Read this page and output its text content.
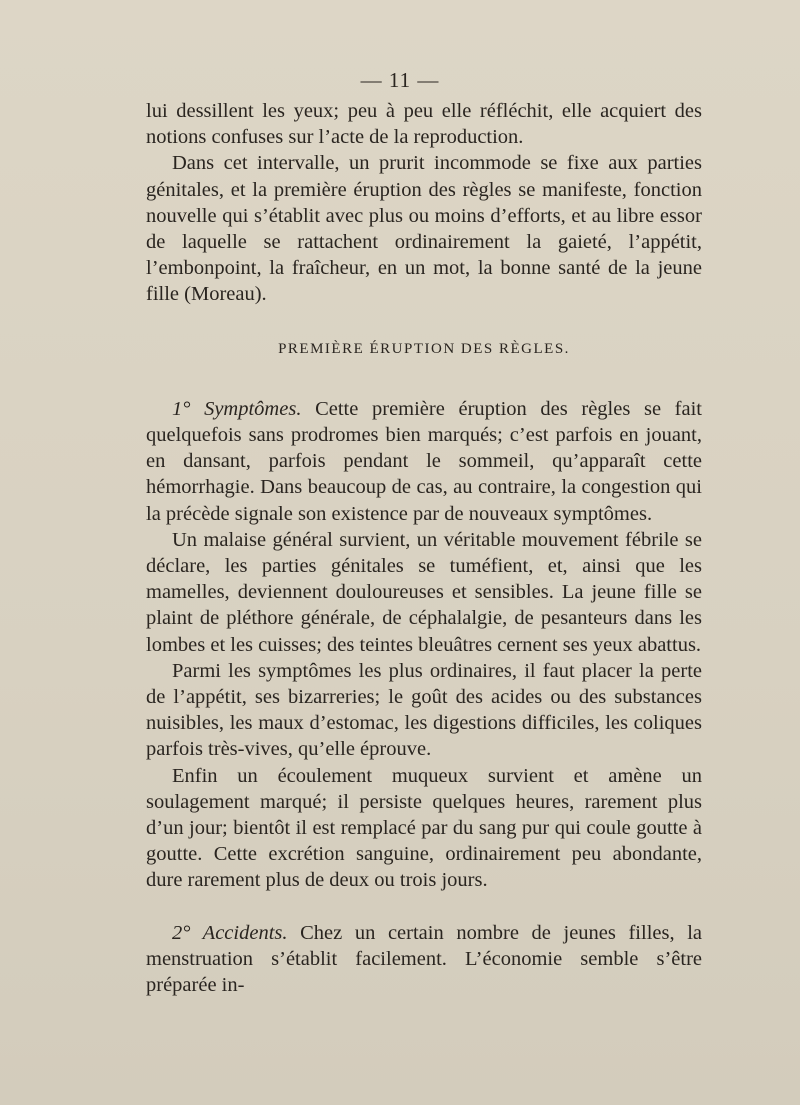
— 11 —

lui dessillent les yeux; peu à peu elle réfléchit, elle acquiert des notions confuses sur l’acte de la reproduction.

Dans cet intervalle, un prurit incommode se fixe aux parties génitales, et la première éruption des règles se manifeste, fonction nouvelle qui s’établit avec plus ou moins d’efforts, et au libre essor de laquelle se rattachent ordinairement la gaieté, l’appétit, l’embonpoint, la fraîcheur, en un mot, la bonne santé de la jeune fille (Moreau).

PREMIÈRE ÉRUPTION DES RÈGLES.

1° Symptômes. Cette première éruption des règles se fait quelquefois sans prodromes bien marqués; c’est parfois en jouant, en dansant, parfois pendant le sommeil, qu’apparaît cette hémorrhagie. Dans beaucoup de cas, au contraire, la congestion qui la précède signale son existence par de nouveaux symptômes.

Un malaise général survient, un véritable mouvement fébrile se déclare, les parties génitales se tuméfient, et, ainsi que les mamelles, deviennent douloureuses et sensibles. La jeune fille se plaint de pléthore générale, de céphalalgie, de pesanteurs dans les lombes et les cuisses; des teintes bleuâtres cernent ses yeux abattus.

Parmi les symptômes les plus ordinaires, il faut placer la perte de l’appétit, ses bizarreries; le goût des acides ou des substances nuisibles, les maux d’estomac, les digestions difficiles, les coliques parfois très-vives, qu’elle éprouve.

Enfin un écoulement muqueux survient et amène un soulagement marqué; il persiste quelques heures, rarement plus d’un jour; bientôt il est remplacé par du sang pur qui coule goutte à goutte. Cette excrétion sanguine, ordinairement peu abondante, dure rarement plus de deux ou trois jours.

2° Accidents. Chez un certain nombre de jeunes filles, la menstruation s’établit facilement. L’économie semble s’être préparée in-
